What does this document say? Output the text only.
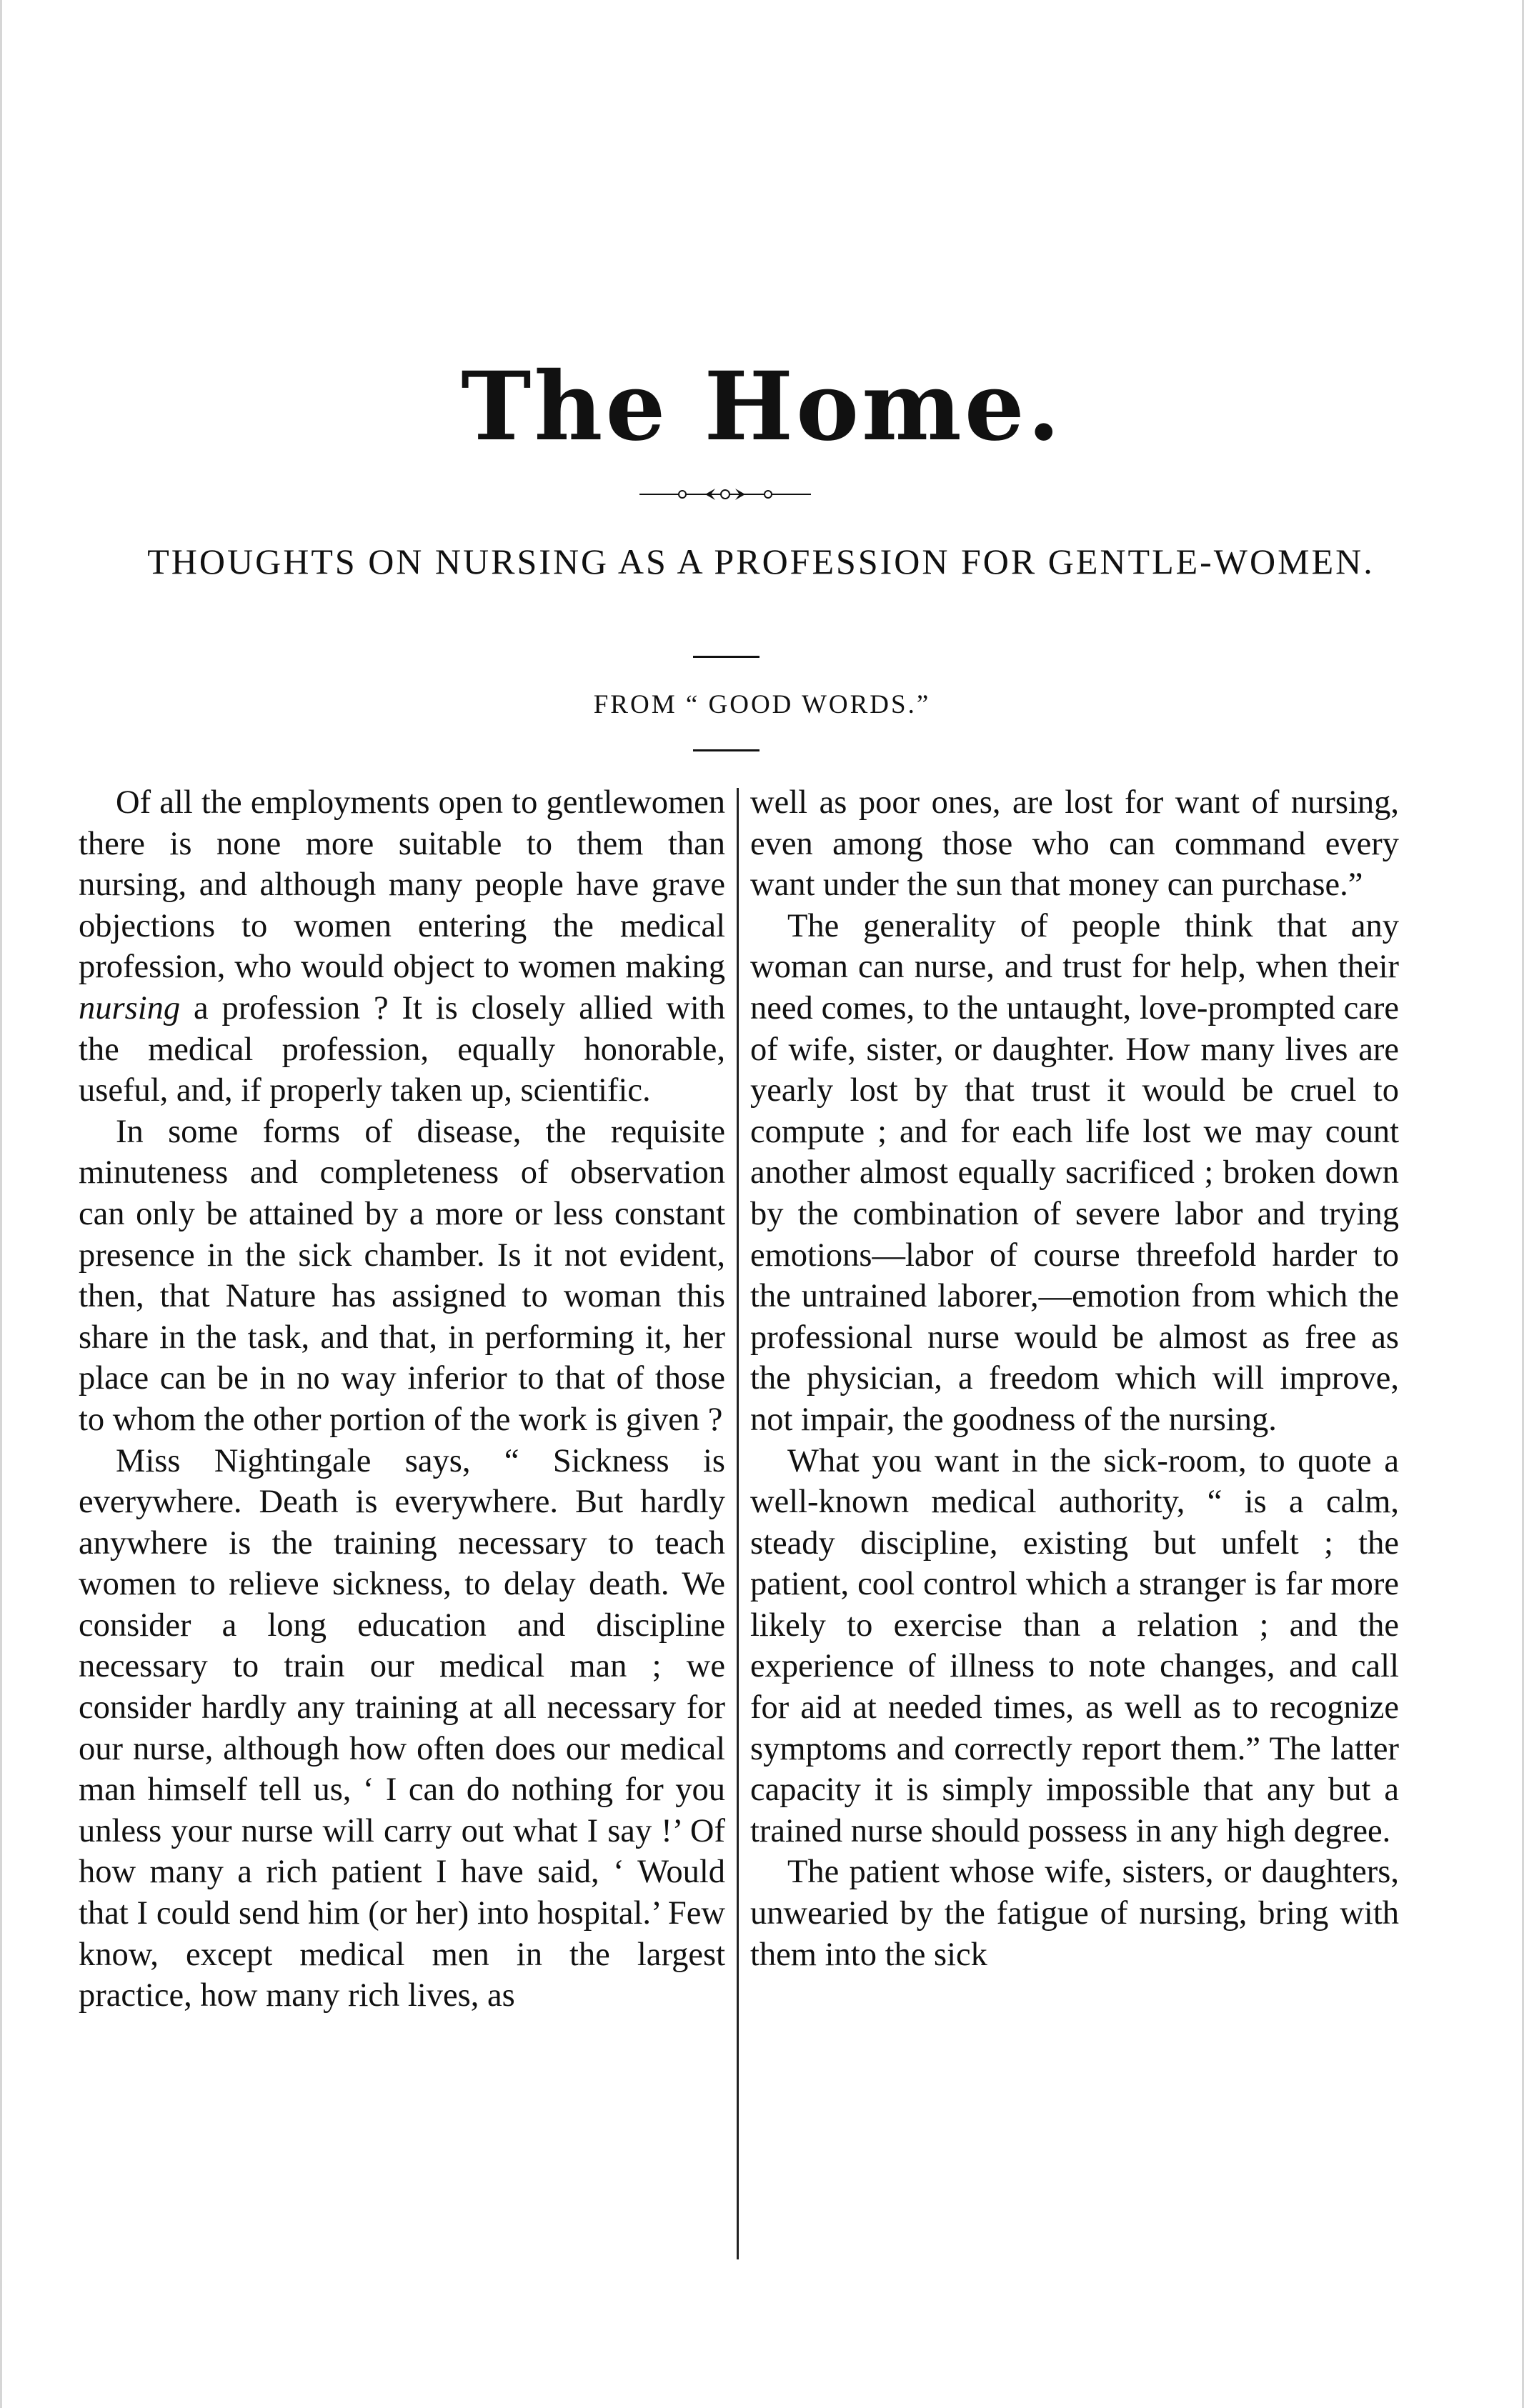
The Home.
THOUGHTS ON NURSING AS A PROFESSION FOR GENTLE-WOMEN.
FROM “ GOOD WORDS.”

Of all the employments open to gentlewomen there is none more suitable to them than nursing, and although many people have grave objections to women entering the medical profession, who would object to women making nursing a profession ? It is closely allied with the medical profession, equally honorable, useful, and, if properly taken up, scientific.

In some forms of disease, the requisite minuteness and completeness of observation can only be attained by a more or less constant presence in the sick chamber. Is it not evident, then, that Nature has assigned to woman this share in the task, and that, in performing it, her place can be in no way inferior to that of those to whom the other portion of the work is given ?

Miss Nightingale says, “ Sickness is everywhere. Death is everywhere. But hardly anywhere is the training necessary to teach women to relieve sickness, to delay death. We consider a long education and discipline necessary to train our medical man ; we consider hardly any training at all necessary for our nurse, although how often does our medical man himself tell us, ‘ I can do nothing for you unless your nurse will carry out what I say !’ Of how many a rich patient I have said, ‘ Would that I could send him (or her) into hospital.’ Few know, except medical men in the largest practice, how many rich lives, as

well as poor ones, are lost for want of nursing, even among those who can command every want under the sun that money can purchase.”

The generality of people think that any woman can nurse, and trust for help, when their need comes, to the untaught, love-prompted care of wife, sister, or daughter. How many lives are yearly lost by that trust it would be cruel to compute ; and for each life lost we may count another almost equally sacrificed ; broken down by the combination of severe labor and trying emotions—labor of course threefold harder to the untrained laborer,—emotion from which the professional nurse would be almost as free as the physician, a freedom which will improve, not impair, the goodness of the nursing.

What you want in the sick-room, to quote a well-known medical authority, “ is a calm, steady discipline, existing but unfelt ; the patient, cool control which a stranger is far more likely to exercise than a relation ; and the experience of illness to note changes, and call for aid at needed times, as well as to recognize symptoms and correctly report them.” The latter capacity it is simply impossible that any but a trained nurse should possess in any high degree.

The patient whose wife, sisters, or daughters, unwearied by the fatigue of nursing, bring with them into the sick
